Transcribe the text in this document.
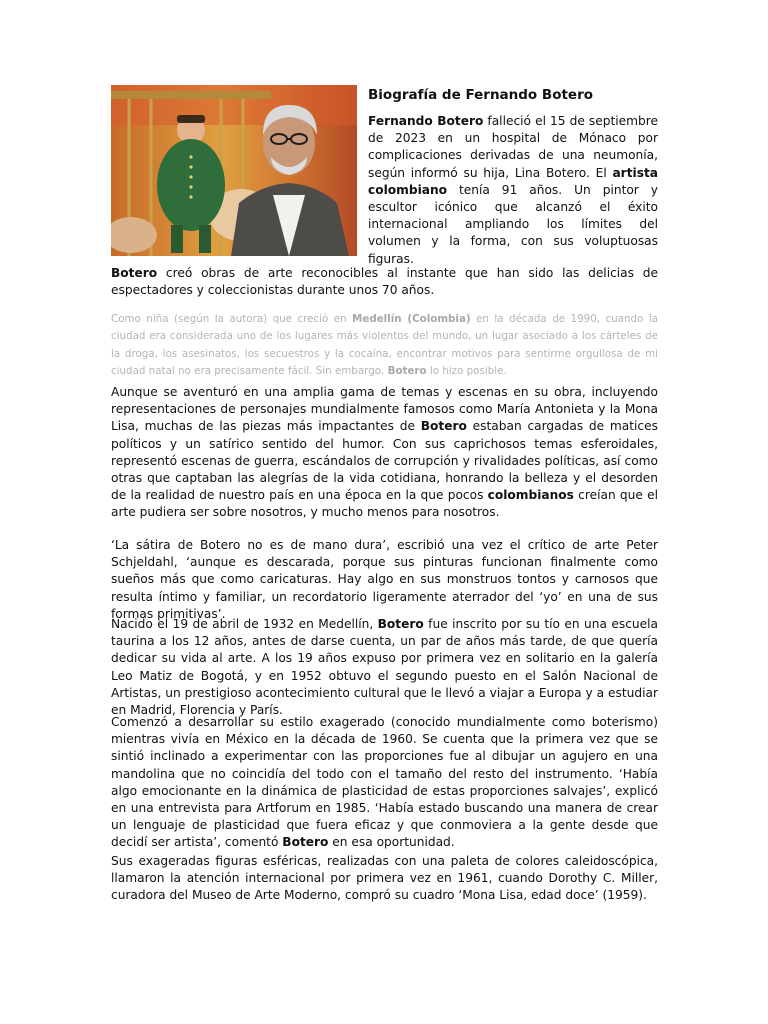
Biografía de Fernando Botero

Fernando Botero falleció el 15 de septiembre de 2023 en un hospital de Mónaco por complicaciones derivadas de una neumonía, según informó su hija, Lina Botero. El artista colombiano tenía 91 años. Un pintor y escultor icónico que alcanzó el éxito internacional ampliando los límites del volumen y la forma, con sus voluptuosas figuras.

Botero creó obras de arte reconocibles al instante que han sido las delicias de espectadores y coleccionistas durante unos 70 años.

Como niña (según la autora) que creció en Medellín (Colombia) en la década de 1990, cuando la ciudad era considerada uno de los lugares más violentos del mundo, un lugar asociado a los cárteles de la droga, los asesinatos, los secuestros y la cocaína, encontrar motivos para sentirme orgullosa de mi ciudad natal no era precisamente fácil. Sin embargo, Botero lo hizo posible.

Aunque se aventuró en una amplia gama de temas y escenas en su obra, incluyendo representaciones de personajes mundialmente famosos como María Antonieta y la Mona Lisa, muchas de las piezas más impactantes de Botero estaban cargadas de matices políticos y un satírico sentido del humor. Con sus caprichosos temas esferoidales, representó escenas de guerra, escándalos de corrupción y rivalidades políticas, así como otras que captaban las alegrías de la vida cotidiana, honrando la belleza y el desorden de la realidad de nuestro país en una época en la que pocos colombianos creían que el arte pudiera ser sobre nosotros, y mucho menos para nosotros.

‘La sátira de Botero no es de mano dura’, escribió una vez el crítico de arte Peter Schjeldahl, ‘aunque es descarada, porque sus pinturas funcionan finalmente como sueños más que como caricaturas. Hay algo en sus monstruos tontos y carnosos que resulta íntimo y familiar, un recordatorio ligeramente aterrador del ‘yo’ en una de sus formas primitivas’.

Nacido el 19 de abril de 1932 en Medellín, Botero fue inscrito por su tío en una escuela taurina a los 12 años, antes de darse cuenta, un par de años más tarde, de que quería dedicar su vida al arte. A los 19 años expuso por primera vez en solitario en la galería Leo Matiz de Bogotá, y en 1952 obtuvo el segundo puesto en el Salón Nacional de Artistas, un prestigioso acontecimiento cultural que le llevó a viajar a Europa y a estudiar en Madrid, Florencia y París.

Comenzó a desarrollar su estilo exagerado (conocido mundialmente como boterismo) mientras vivía en México en la década de 1960. Se cuenta que la primera vez que se sintió inclinado a experimentar con las proporciones fue al dibujar un agujero en una mandolina que no coincidía del todo con el tamaño del resto del instrumento. ‘Había algo emocionante en la dinámica de plasticidad de estas proporciones salvajes’, explicó en una entrevista para Artforum en 1985. ‘Había estado buscando una manera de crear un lenguaje de plasticidad que fuera eficaz y que conmoviera a la gente desde que decidí ser artista’, comentó Botero en esa oportunidad.

Sus exageradas figuras esféricas, realizadas con una paleta de colores caleidoscópica, llamaron la atención internacional por primera vez en 1961, cuando Dorothy C. Miller, curadora del Museo de Arte Moderno, compró su cuadro ‘Mona Lisa, edad doce’ (1959).
